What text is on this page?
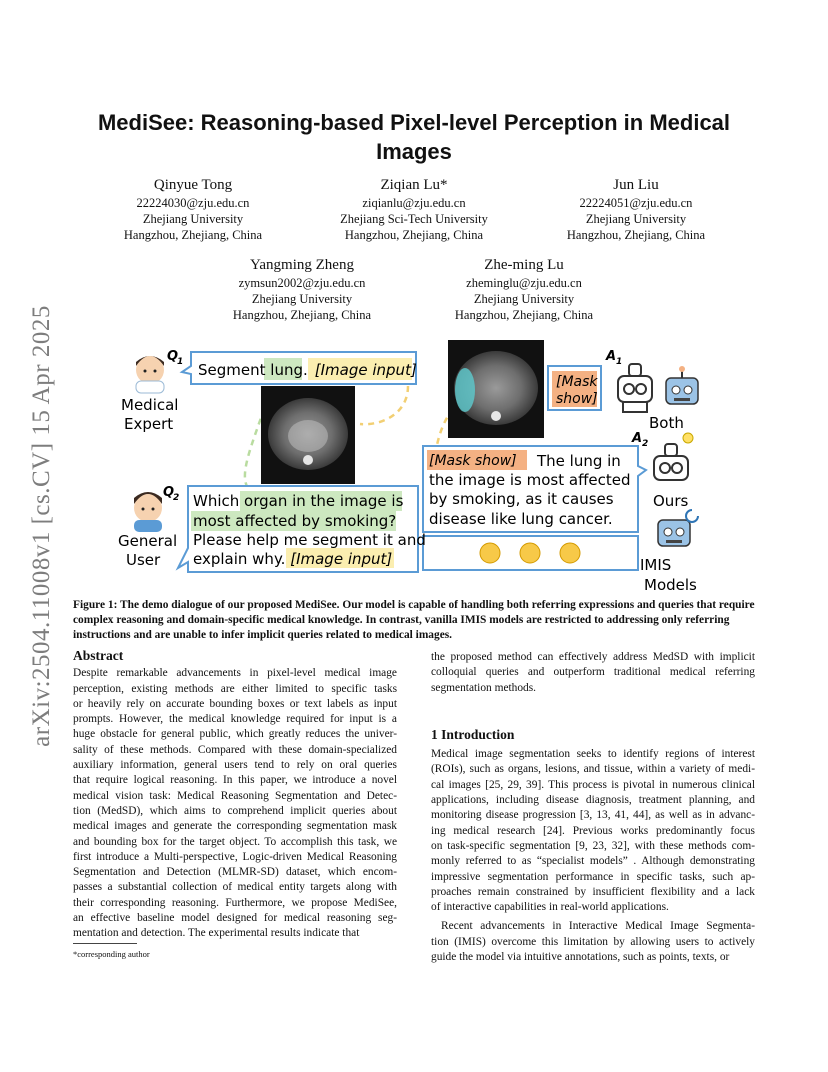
arXiv:2504.11008v1 [cs.CV] 15 Apr 2025
MediSee: Reasoning-based Pixel-level Perception in Medical Images
Qinyue Tong
22224030@zju.edu.cn
Zhejiang University
Hangzhou, Zhejiang, China
Ziqian Lu*
ziqianlu@zju.edu.cn
Zhejiang Sci-Tech University
Hangzhou, Zhejiang, China
Jun Liu
22224051@zju.edu.cn
Zhejiang University
Hangzhou, Zhejiang, China
Yangming Zheng
zymsun2002@zju.edu.cn
Zhejiang University
Hangzhou, Zhejiang, China
Zhe-ming Lu
zheminglu@zju.edu.cn
Zhejiang University
Hangzhou, Zhejiang, China
Q
1
Medical
Expert
Segment lung. [Image input]
A 1
[Mask
show]
Both
A 2
[Mask show] The lung in
the image is most affected
by smoking, as it causes
disease like lung cancer.
Ours
IMIS
Models
Q
2
General
User
Which organ in the image is
most affected by smoking?
Please help me segment it and
explain why. [Image input]
Figure 1: The demo dialogue of our proposed MediSee. Our model is capable of handling both referring expressions and queries that require complex reasoning and domain-specific medical knowledge. In contrast, vanilla IMIS models are restricted to addressing only referring instructions and are unable to infer implicit queries related to medical images.
Abstract
Despite remarkable advancements in pixel-level medical image
perception, existing methods are either limited to specific tasks
or heavily rely on accurate bounding boxes or text labels as input
prompts. However, the medical knowledge required for input is a
huge obstacle for general public, which greatly reduces the univer-
sality of these methods. Compared with these domain-specialized
auxiliary information, general users tend to rely on oral queries
that require logical reasoning. In this paper, we introduce a novel
medical vision task: Medical Reasoning Segmentation and Detec-
tion (MedSD), which aims to comprehend implicit queries about
medical images and generate the corresponding segmentation mask
and bounding box for the target object. To accomplish this task, we
first introduce a Multi-perspective, Logic-driven Medical Reasoning
Segmentation and Detection (MLMR-SD) dataset, which encom-
passes a substantial collection of medical entity targets along with
their corresponding reasoning. Furthermore, we propose MediSee,
an effective baseline model designed for medical reasoning seg-
mentation and detection. The experimental results indicate that
the proposed method can effectively address MedSD with implicit
colloquial queries and outperform traditional medical referring
segmentation methods.
1 Introduction
Medical image segmentation seeks to identify regions of interest
(ROIs), such as organs, lesions, and tissue, within a variety of medi-
cal images [25, 29, 39]. This process is pivotal in numerous clinical
applications, including disease diagnosis, treatment planning, and
monitoring disease progression [3, 13, 41, 44], as well as in advanc-
ing medical research [24]. Previous works predominantly focus
on task-specific segmentation [9, 23, 32], with these methods com-
monly referred to as “specialist models” . Although demonstrating
impressive segmentation performance in specific tasks, such ap-
proaches remain constrained by insufficient flexibility and a lack
of interactive capabilities in real-world applications.
Recent advancements in Interactive Medical Image Segmenta-
tion (IMIS) overcome this limitation by allowing users to actively
guide the model via intuitive annotations, such as points, texts, or
*corresponding author
